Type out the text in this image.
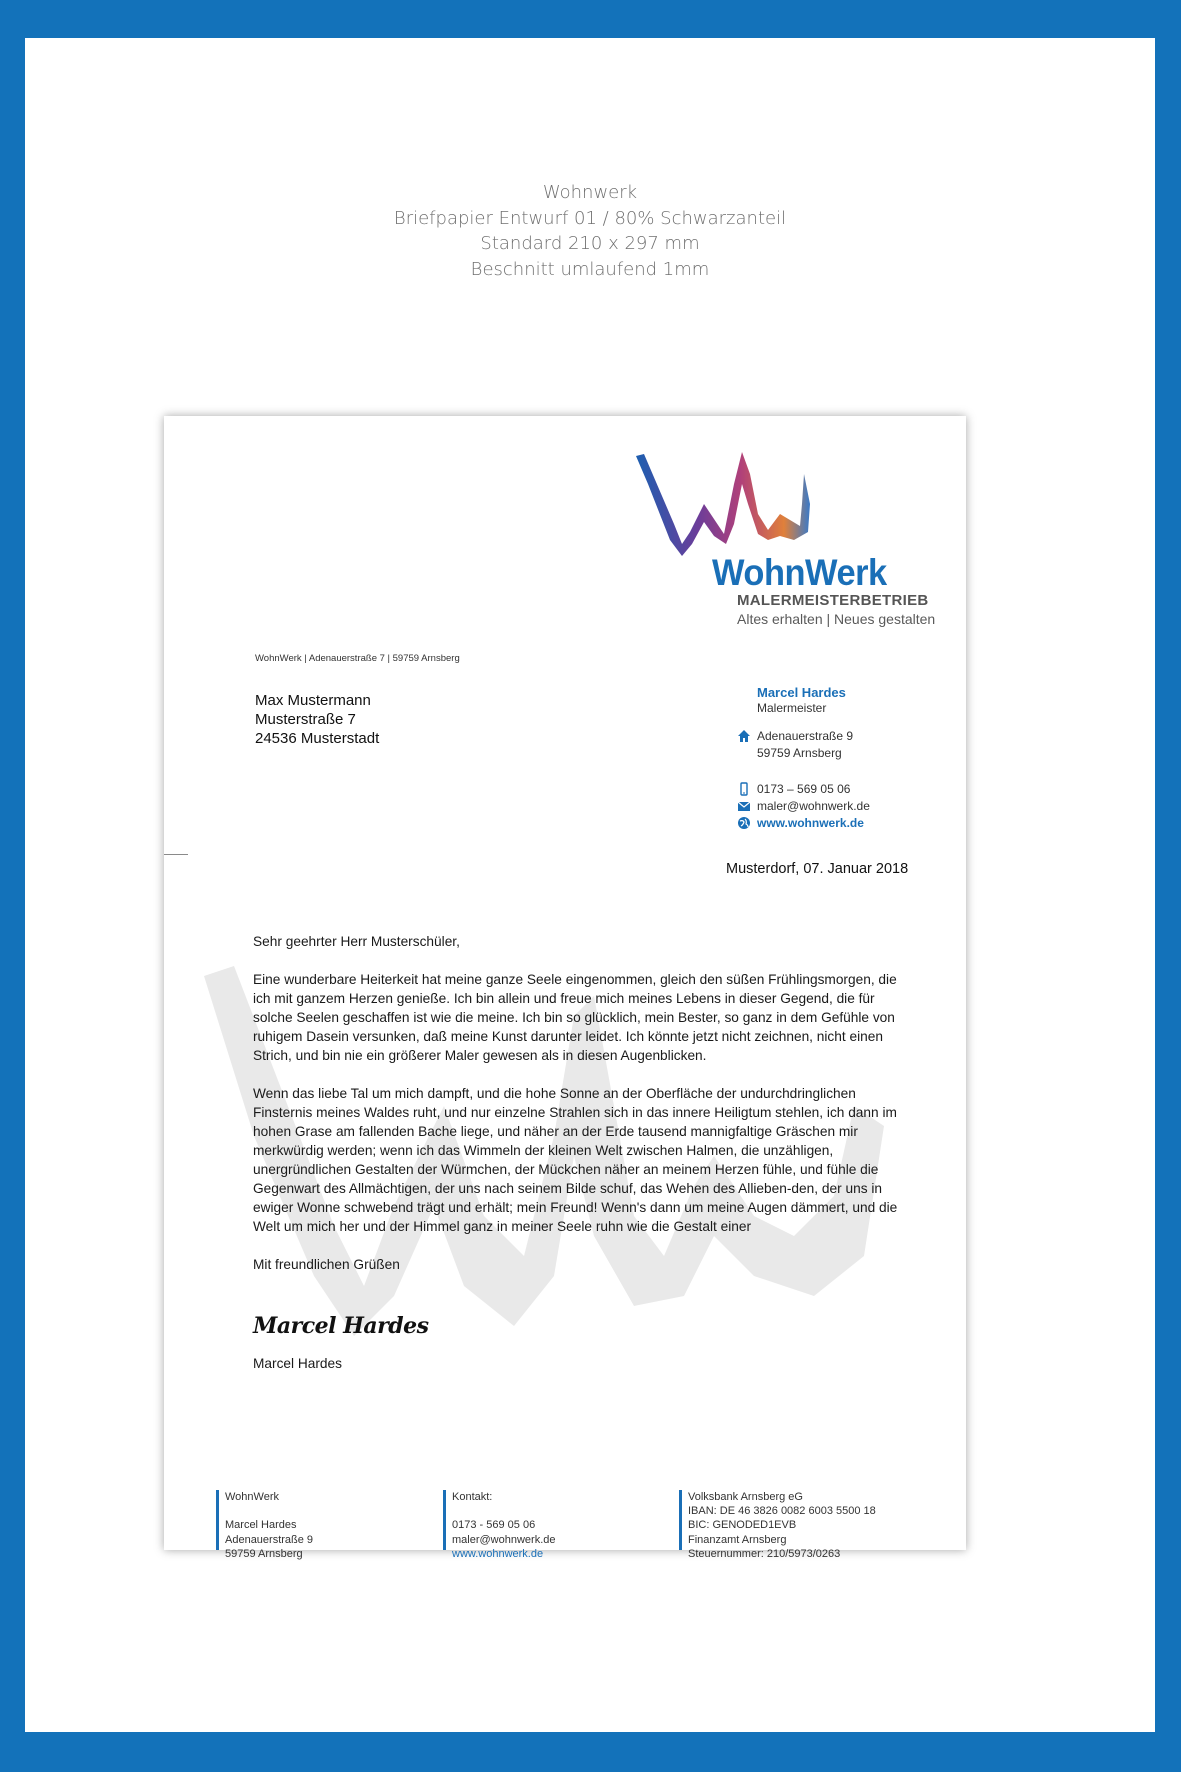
Wohnwerk
Briefpapier Entwurf 01 / 80% Schwarzanteil
Standard 210 x 297 mm
Beschnitt umlaufend 1mm
WohnWerk
MALERMEISTERBETRIEB
Altes erhalten | Neues gestalten
WohnWerk | Adenauerstraße 7 | 59759 Arnsberg
Max Mustermann
Musterstraße 7
24536 Musterstadt
Marcel Hardes
Malermeister
Adenauerstraße 9
59759 Arnsberg
0173 – 569 05 06
maler@wohnwerk.de
www.wohnwerk.de
Musterdorf, 07. Januar 2018

Sehr geehrter Herr Musterschüler,

Eine wunderbare Heiterkeit hat meine ganze Seele eingenommen, gleich den süßen Frühlingsmorgen, die ich mit ganzem Herzen genieße. Ich bin allein und freue mich meines Lebens in dieser Gegend, die für solche Seelen geschaffen ist wie die meine. Ich bin so glücklich, mein Bester, so ganz in dem Gefühle von ruhigem Dasein versunken, daß meine Kunst darunter leidet. Ich könnte jetzt nicht zeichnen, nicht einen Strich, und bin nie ein größerer Maler gewesen als in diesen Augenblicken.

Wenn das liebe Tal um mich dampft, und die hohe Sonne an der Oberfläche der undurchdringlichen Finsternis meines Waldes ruht, und nur einzelne Strahlen sich in das innere Heiligtum stehlen, ich dann im hohen Grase am fallenden Bache liege, und näher an der Erde tausend mannigfaltige Gräschen mir merkwürdig werden; wenn ich das Wimmeln der kleinen Welt zwischen Halmen, die unzähligen, unergründlichen Gestalten der Würmchen, der Mückchen näher an meinem Herzen fühle, und fühle die Gegenwart des Allmächtigen, der uns nach seinem Bilde schuf, das Wehen des Allieben-den, der uns in ewiger Wonne schwebend trägt und erhält; mein Freund! Wenn's dann um meine Augen dämmert, und die Welt um mich her und der Himmel ganz in meiner Seele ruhn wie die Gestalt einer

Mit freundlichen Grüßen

Marcel Hardes
Marcel Hardes
WohnWerk

Marcel Hardes
Adenauerstraße 9
59759 Arnsberg
Kontakt:

0173 - 569 05 06
maler@wohnwerk.de
www.wohnwerk.de
Volksbank Arnsberg eG
IBAN: DE 46 3826 0082 6003 5500 18
BIC: GENODED1EVB
Finanzamt Arnsberg
Steuernummer: 210/5973/0263
